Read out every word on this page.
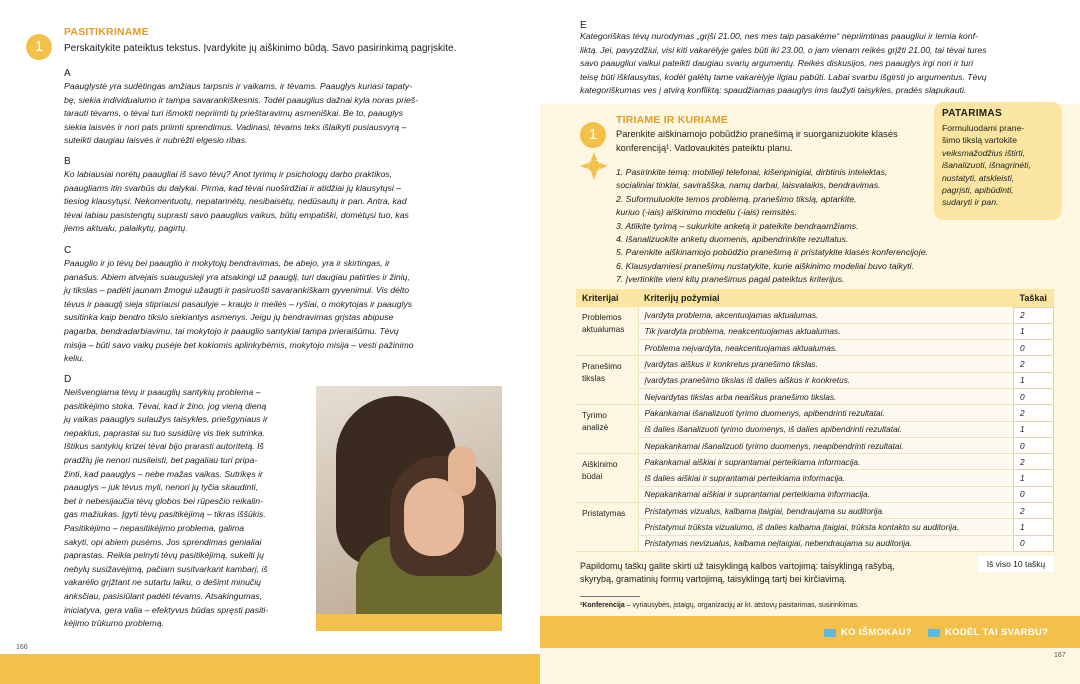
1
PASITIKRINAME
Perskaitykite pateiktus tekstus. Įvardykite jų aiškinimo būdą. Savo pasirinkimą pagrįskite.
A
Paauglystė yra sudėtingas amžiaus tarpsnis ir vaikams, ir tėvams. Paauglys kuriasi tapaty-
bę, siekia individualumo ir tampa savarankiškesnis. Todėl paauglius dažnai kyla noras prieš-
tarauti tėvams, o tėvai turi išmokti nepriimti tų prieštaravimų asmeniškai. Be to, paauglys
siekia laisvės ir nori pats priimti sprendimus. Vadinasi, tėvams teks išlaikyti pusiausvyrą –
suteikti daugiau laisvės ir nubrėžti elgesio ribas.
B
Ko labiausiai norėtų paaugliai iš savo tėvų? Anot tyrimų ir psichologų darbo praktikos,
paaugliams itin svarbūs du dalykai. Pirma, kad tėvai nuoširdžiai ir atidžiai jų klausytųsi –
tiesiog klausytųsi. Nekomentuotų, nepatarinėtų, nesibaisėtų, nedūsautų ir pan. Antra, kad
tėvai labiau pasistengtų suprasti savo paauglius vaikus, būtų empatiški, domėtųsi tuo, kas
jiems aktualu, palaikytų, pagirtų.
C
Paauglio ir jo tėvų bei paauglio ir mokytojų bendravimas, be abejo, yra ir skirtingas, ir
panašus. Abiem atvejais suaugusieji yra atsakingi už paauglį, turi daugiau patirties ir žinių,
jų tikslas – padėti jaunam žmogui užaugti ir pasiruošti savarankiškam gyvenimui. Vis dėlto
tėvus ir paauglį sieja stipriausi pasaulyje – kraujo ir meilės – ryšiai, o mokytojas ir paauglys
susitinka kaip bendro tikslo siekiantys asmenys. Jeigu jų bendravimas grįstas abipuse
pagarba, bendradarbiavimu, tai mokytojo ir paauglio santykiai tampa prieraišūmu. Tėvų
misija – būti savo vaikų pusėje bet kokiomis aplinkybėmis, mokytojo misija – vesti pažinimo
keliu.
D
Neišvengiama tėvų ir paauglių santykių problema –
pasitikėjimo stoka. Tėvai, kad ir žino, jog vieną dieną
jų vaikas paauglys sulaužys taisykles, priešgyniaus ir
nepaklus, paprastai su tuo susidūrę vis tiek sutrinka.
Ištikus santykių krizei tėvai bijo prarasti autoritetą. Iš
pradžių jie nenori nusileisti, bet pagaliau turi pripa-
žinti, kad paauglys – nebe mažas vaikas. Sutrikęs ir
paauglys – juk tėvus myli, nenori jų tyčia skaudinti,
bet ir nebesijaučia tėvų globos bei rūpesčio reikalin-
gas mažiukas. Įgyti tėvų pasitikėjimą – tikras iššūkis.
Pasitikėjimo – nepasitikėjimo problema, galima
sakyti, opi abiem pusėms. Jos sprendimas genialiai
paprastas. Reikia pelnyti tėvų pasitikėjimą, sukelti jų
nebylų susižavėjimą, pačiam susitvarkant kambarį, iš
vakarėlio grįžtant ne sutartu laiku, o dešimt minučių
anksčiau, pasisiūlant padėti tėvams. Atsakingumas,
iniciatyva, gera valia – efektyvus būdas spręsti pasiti-
kėjimo trūkumo problemą.
166
E
Kategoriškas tėvų nurodymas „grįši 21.00, nes mes taip pasakėme“ nepriimtinas paaugliui ir lemia konf-
liktą. Jei, pavyzdžiui, visi kiti vakarėlyje gales būti iki 23.00, o jam vienam reikės grįžti 21.00, tai tėvai tures
savo paaugliui vaikui pateikti daugiau svarių argumentų. Reikės diskusijos, nes paauglys irgi nori ir turi
teisę būti išklausytas, kodėl galėtų tame vakarėlyje ilgiau pabūti. Labai svarbu išgirsti jo argumentus. Tėvų
kategoriškumas ves į atvirą konfliktą: spaudžiamas paauglys ims laužyti taisykles, pradės slapukauti.
1
TIRIAME IR KURIAME
Parenkite aiškinamojo pobūdžio pranešimą ir suorganizuokite klasės
konferenciją¹. Vadovaukitės pateiktu planu.
1. Pasirinkite temą: mobilieji telefonai, kišenpinigiai, dirbtinis intelektas,
socialiniai tinklai, savirašška, namų darbai, laisvalaikis, bendravimas.
2. Suformuluokite temos problemą, pranešimo tikslą, aptarkite,
kuriuo (-iais) aiškinimo modeliu (-iais) remsitės.
3. Atlikite tyrimą – sukurkite anketą ir pateikite bendraamžiams.
4. Išanalizuokite anketų duomenis, apibendrinkite rezultatus.
5. Parenkite aiškinamojo pobūdžio pranešimą ir pristatykite klasės konferencijoje.
6. Klausydamiesi pranešimų nustatykite, kurie aiškinimo modeliai buvo taikyti.
7. Įvertinkite vieni kitų pranešimus pagal pateiktus kriterijus.
PATARIMAS
Formuluodami prane-
šimo tikslą vartokite
veiksmažodžius ištirti,
išanalizuoti, išnagrinėti,
nustatyti, atskleisti,
pagrįsti, apibūdinti,
sudaryti ir pan.
Kriterijai	Kriterijų požymiai	Taškai
Problemos aktualumas	Įvardyta problema, akcentuojamas aktualumas.	2
	Tik įvardyta problema, neakcentuojamas aktualumas.	1
	Problema neįvardyta, neakcentuojamas aktualumas.	0
Pranešimo tikslas	Įvardytas aiškus ir konkretus pranešimo tikslas.	2
	Įvardytas pranešimo tikslas iš dalies aiškus ir konkretus.	1
	Neįvardytas tikslas arba neaiškus pranešimo tikslas.	0
Tyrimo analizė	Pakankamai išanalizuoti tyrimo duomenys, apibendrinti rezultatai.	2
	Iš dalies išanalizuoti tyrimo duomenys, iš dalies apibendrinti rezultatai.	1
	Nepakankamai išanalizuoti tyrimo duomenys, neapibendrinti rezultatai.	0
Aiškinimo būdai	Pakankamai aiškiai ir suprantamai perteikiama informacija.	2
	Iš dalies aiškiai ir suprantamai perteikiama informacija.	1
	Nepakankamai aiškiai ir suprantamai perteikiama informacija.	0
Pristatymas	Pristatymas vizualus, kalbama įtaigiai, bendraujama su auditorija.	2
	Pristatymui trūksta vizualumo, iš dalies kalbama įtaigiai, trūksta kontakto su auditorija.	1
	Pristatymas nevizualus, kalbama neįtaigiai, nebendraujama su auditorija.	0
Iš viso 10 taškų
Papildomų taškų galite skirti už taisyklingą kalbos vartojimą: taisyklingą rašybą,
skyrybą, gramatinių formų vartojimą, taisyklingą tartį bei kirčiavimą.
¹Konferencija – vyriausybės, įstaigų, organizacijų ar kt. atstovų pasitarimas, susirinkimas.
KO IŠMOKAU?	KODĖL TAI SVARBU?
167
